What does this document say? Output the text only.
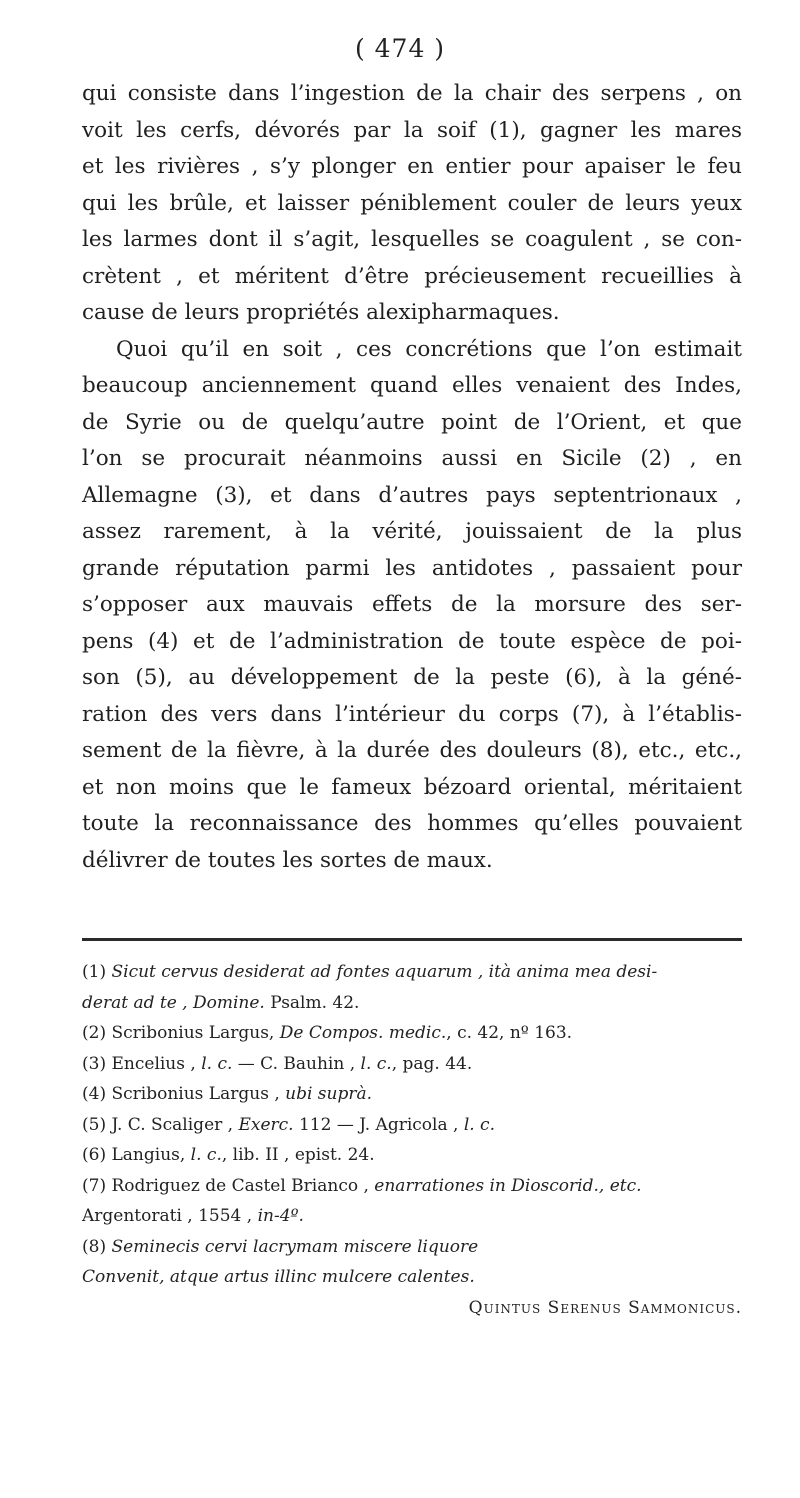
( 474 )
qui consiste dans l’ingestion de la chair des serpens , on
voit les cerfs, dévorés par la soif (1), gagner les mares
et les rivières , s’y plonger en entier pour apaiser le feu
qui les brûle, et laisser péniblement couler de leurs yeux
les larmes dont il s’agit, lesquelles se coagulent , se con-
crètent , et méritent d’être précieusement recueillies à
cause de leurs propriétés alexipharmaques.
Quoi qu’il en soit , ces concrétions que l’on estimait
beaucoup anciennement quand elles venaient des Indes,
de Syrie ou de quelqu’autre point de l’Orient, et que
l’on se procurait néanmoins aussi en Sicile (2) , en
Allemagne (3), et dans d’autres pays septentrionaux ,
assez rarement, à la vérité, jouissaient de la plus
grande réputation parmi les antidotes , passaient pour
s’opposer aux mauvais effets de la morsure des ser-
pens (4) et de l’administration de toute espèce de poi-
son (5), au développement de la peste (6), à la géné-
ration des vers dans l’intérieur du corps (7), à l’établis-
sement de la fièvre, à la durée des douleurs (8), etc., etc.,
et non moins que le fameux bézoard oriental, méritaient
toute la reconnaissance des hommes qu’elles pouvaient
délivrer de toutes les sortes de maux.
(1) Sicut cervus desiderat ad fontes aquarum , ità anima mea desi-
derat ad te , Domine. Psalm. 42.
(2) Scribonius Largus, De Compos. medic., c. 42, nº 163.
(3) Encelius , l. c. — C. Bauhin , l. c., pag. 44.
(4) Scribonius Largus , ubi suprà.
(5) J. C. Scaliger , Exerc. 112 — J. Agricola , l. c.
(6) Langius, l. c., lib. II , epist. 24.
(7) Rodriguez de Castel Brianco , enarrationes in Dioscorid., etc.
Argentorati , 1554 , in-4º.
(8) Seminecis cervi lacrymam miscere liquore
Convenit, atque artus illinc mulcere calentes.
Quintus Serenus Sammonicus.
